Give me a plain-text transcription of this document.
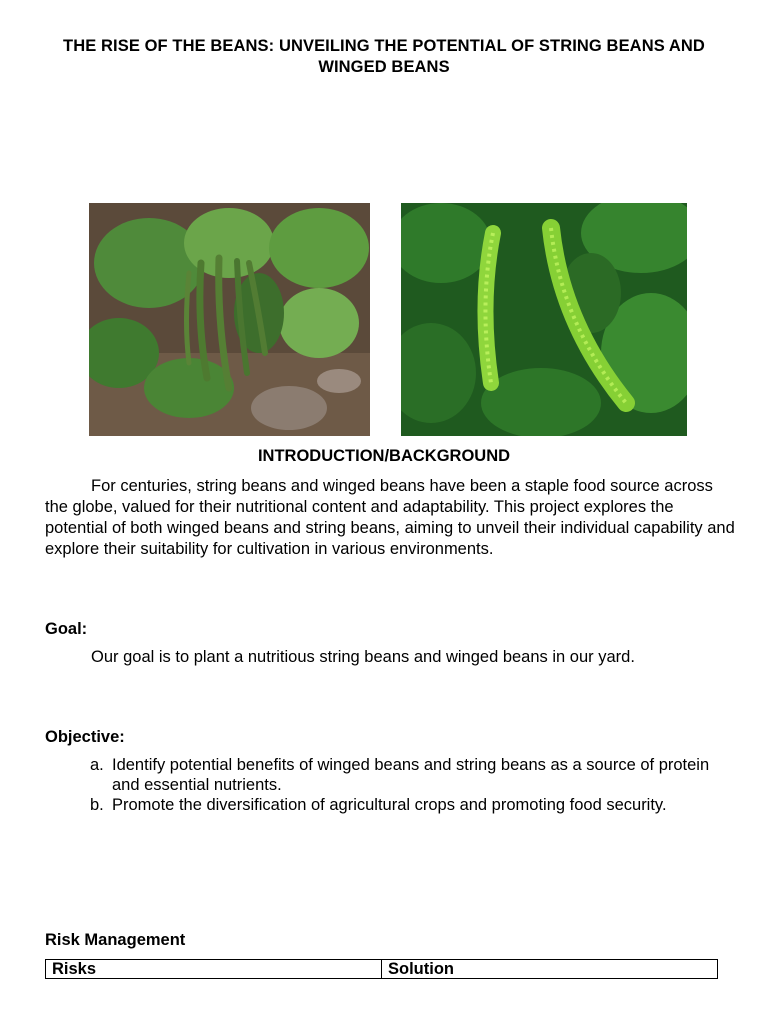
THE RISE OF THE BEANS: UNVEILING THE POTENTIAL OF STRING BEANS AND WINGED BEANS
INTRODUCTION/BACKGROUND

For centuries, string beans and winged beans have been a staple food source across the globe, valued for their nutritional content and adaptability. This project explores the potential of both winged beans and string beans, aiming to unveil their individual capability and explore their suitability for cultivation in various environments.

Goal:

Our goal is to plant a nutritious string beans and winged beans in our yard.

Objective:
a. Identify potential benefits of winged beans and string beans as a source of protein and essential nutrients.
b. Promote the diversification of agricultural crops and promoting food security.
Risk Management
Risks	Solution
